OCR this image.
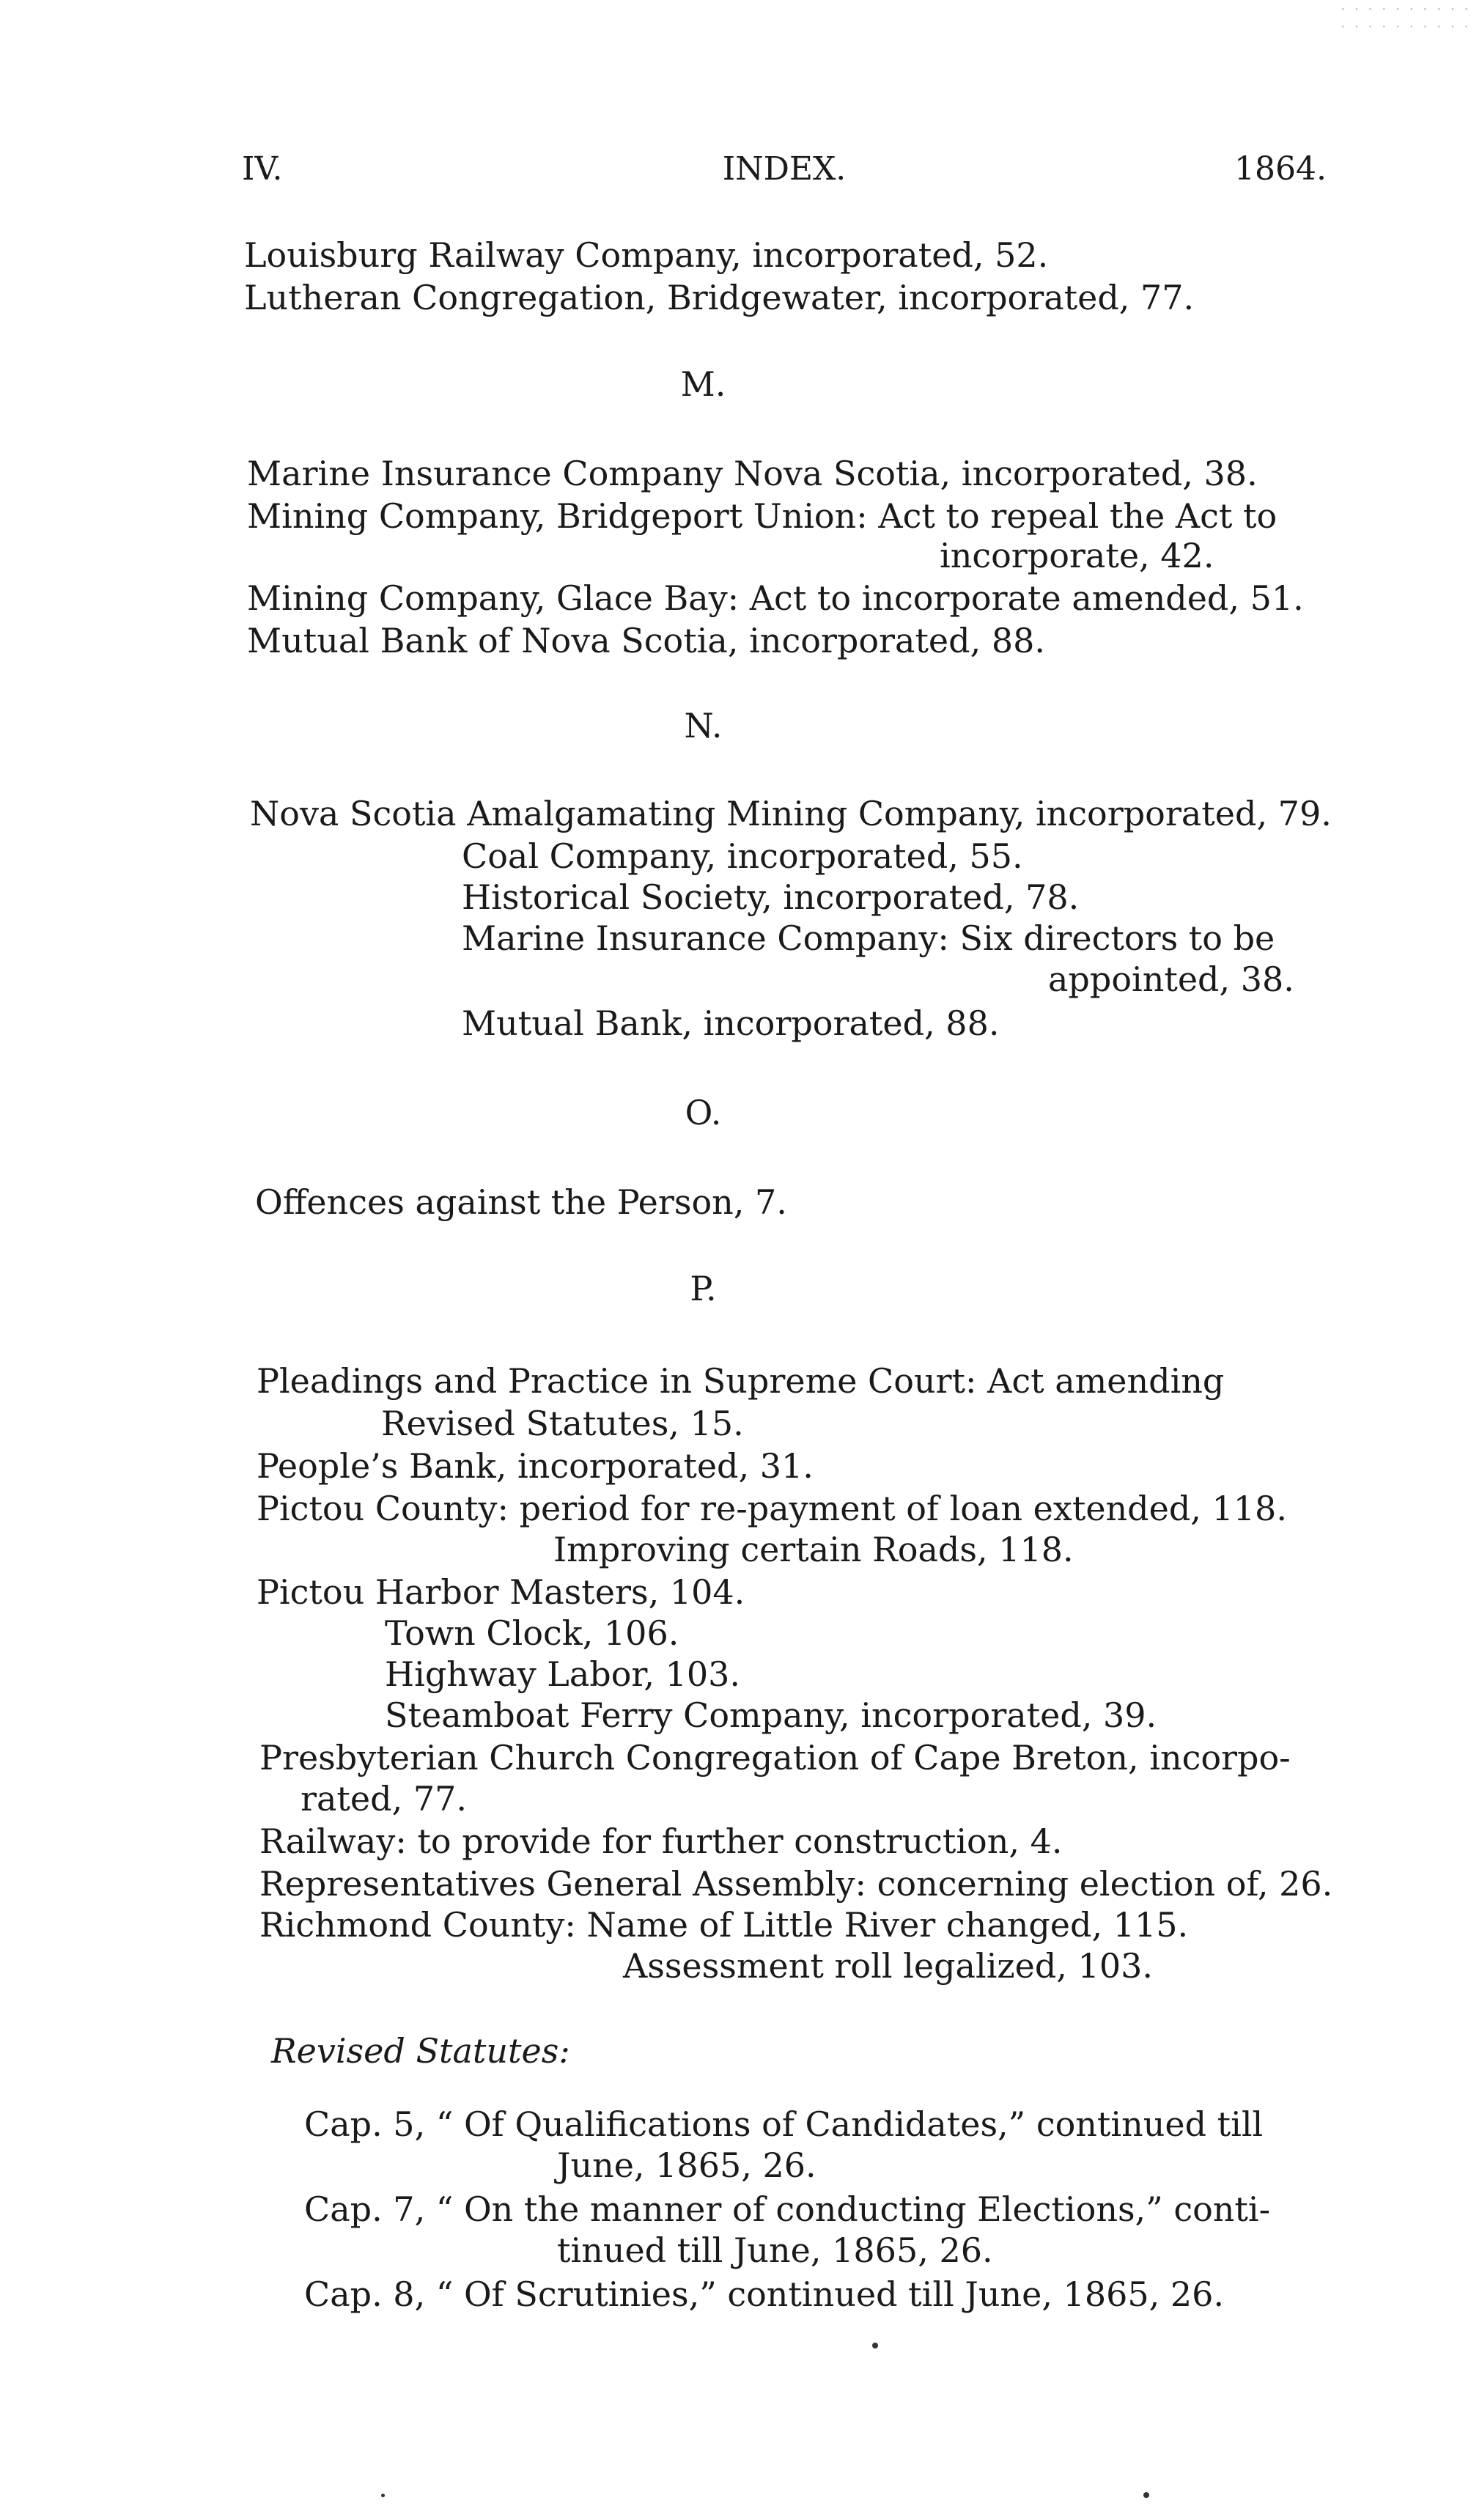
· · · · · · · · · ·
· · · · · · · · · ·
IV.	INDEX.	1864.
Louisburg Railway Company, incorporated, 52.
Lutheran Congregation, Bridgewater, incorporated, 77.
M.
Marine Insurance Company Nova Scotia, incorporated, 38.
Mining Company, Bridgeport Union: Act to repeal the Act to
incorporate, 42.
Mining Company, Glace Bay: Act to incorporate amended, 51.
Mutual Bank of Nova Scotia, incorporated, 88.
N.
Nova Scotia Amalgamating Mining Company, incorporated, 79.
Coal Company, incorporated, 55.
Historical Society, incorporated, 78.
Marine Insurance Company: Six directors to be
appointed, 38.
Mutual Bank, incorporated, 88.
O.
Offences against the Person, 7.
P.
Pleadings and Practice in Supreme Court: Act amending
Revised Statutes, 15.
People’s Bank, incorporated, 31.
Pictou County: period for re-payment of loan extended, 118.
Improving certain Roads, 118.
Pictou Harbor Masters, 104.
Town Clock, 106.
Highway Labor, 103.
Steamboat Ferry Company, incorporated, 39.
Presbyterian Church Congregation of Cape Breton, incorpo-
rated, 77.
Railway: to provide for further construction, 4.
Representatives General Assembly: concerning election of, 26.
Richmond County: Name of Little River changed, 115.
Assessment roll legalized, 103.
Revised Statutes:
Cap. 5, “ Of Qualifications of Candidates,” continued till
June, 1865, 26.
Cap. 7, “ On the manner of conducting Elections,” conti-
tinued till June, 1865, 26.
Cap. 8, “ Of Scrutinies,” continued till June, 1865, 26.
